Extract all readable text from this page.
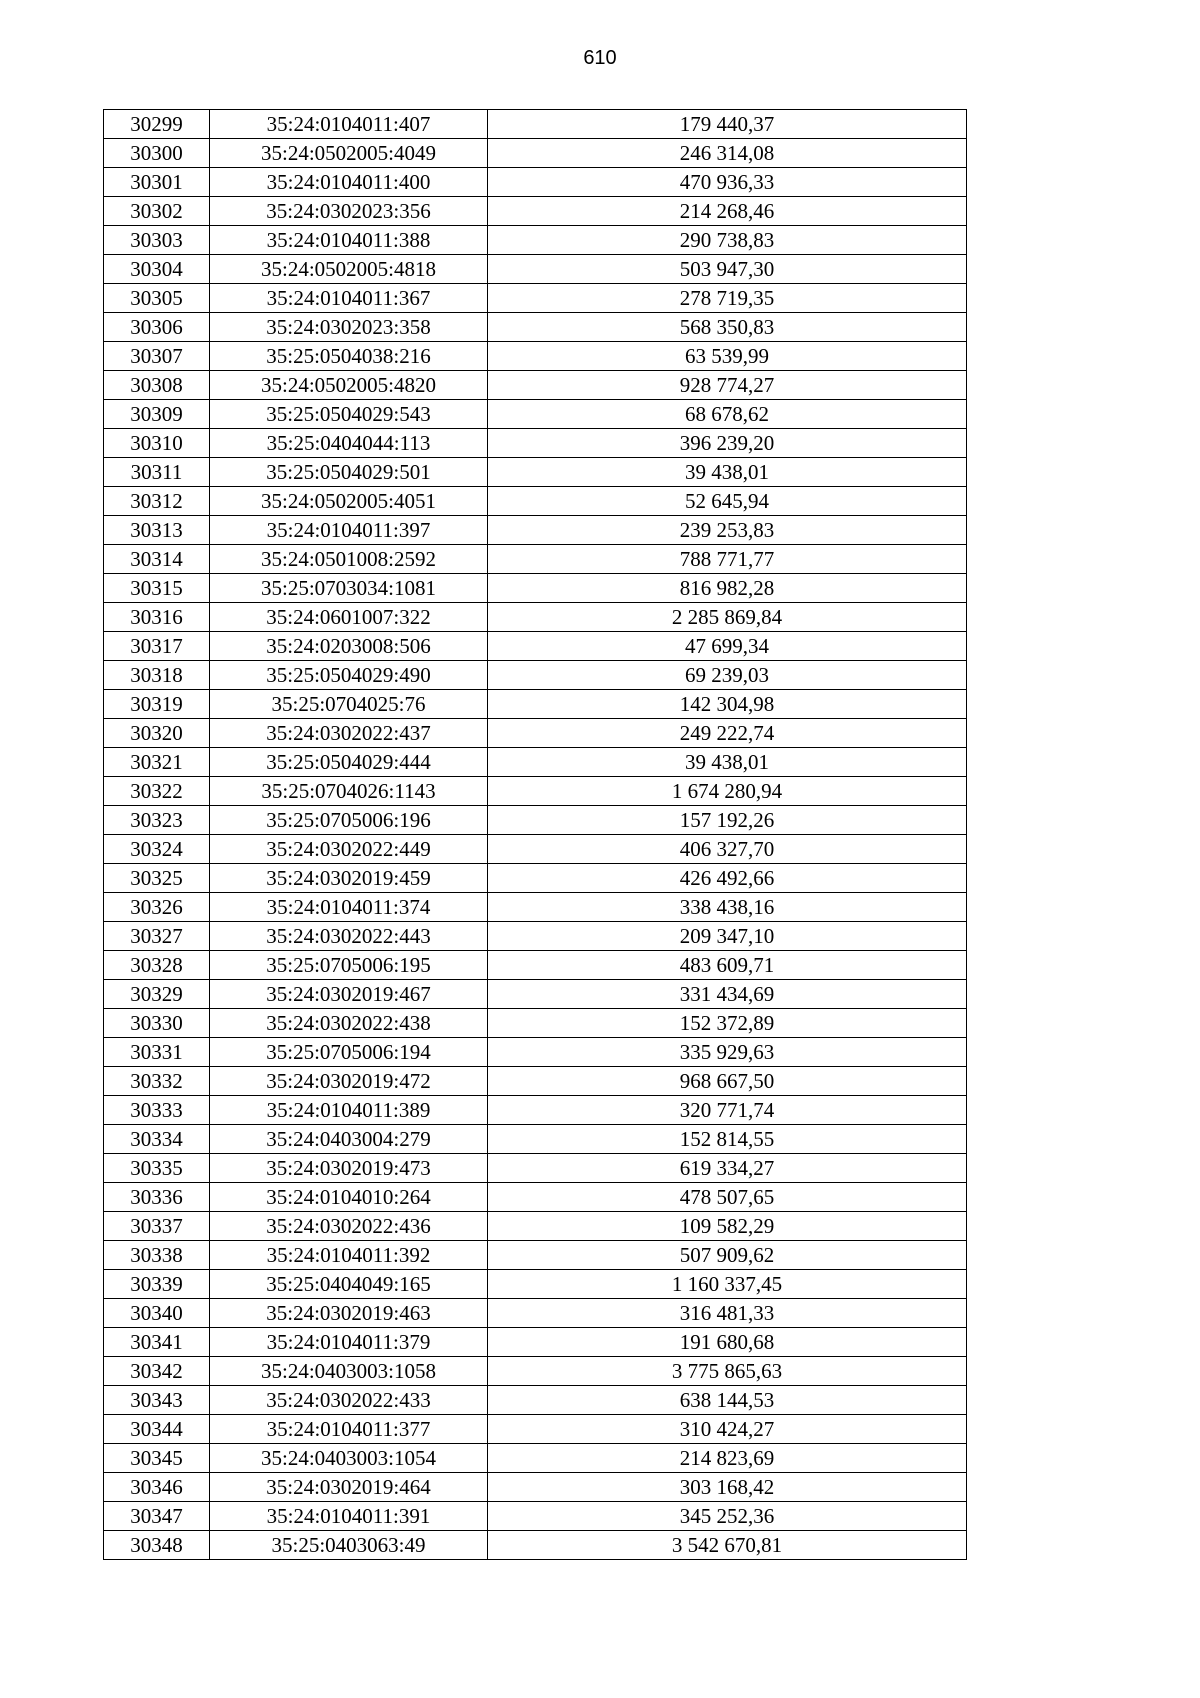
610
30299	35:24:0104011:407	179 440,37
30300	35:24:0502005:4049	246 314,08
30301	35:24:0104011:400	470 936,33
30302	35:24:0302023:356	214 268,46
30303	35:24:0104011:388	290 738,83
30304	35:24:0502005:4818	503 947,30
30305	35:24:0104011:367	278 719,35
30306	35:24:0302023:358	568 350,83
30307	35:25:0504038:216	63 539,99
30308	35:24:0502005:4820	928 774,27
30309	35:25:0504029:543	68 678,62
30310	35:25:0404044:113	396 239,20
30311	35:25:0504029:501	39 438,01
30312	35:24:0502005:4051	52 645,94
30313	35:24:0104011:397	239 253,83
30314	35:24:0501008:2592	788 771,77
30315	35:25:0703034:1081	816 982,28
30316	35:24:0601007:322	2 285 869,84
30317	35:24:0203008:506	47 699,34
30318	35:25:0504029:490	69 239,03
30319	35:25:0704025:76	142 304,98
30320	35:24:0302022:437	249 222,74
30321	35:25:0504029:444	39 438,01
30322	35:25:0704026:1143	1 674 280,94
30323	35:25:0705006:196	157 192,26
30324	35:24:0302022:449	406 327,70
30325	35:24:0302019:459	426 492,66
30326	35:24:0104011:374	338 438,16
30327	35:24:0302022:443	209 347,10
30328	35:25:0705006:195	483 609,71
30329	35:24:0302019:467	331 434,69
30330	35:24:0302022:438	152 372,89
30331	35:25:0705006:194	335 929,63
30332	35:24:0302019:472	968 667,50
30333	35:24:0104011:389	320 771,74
30334	35:24:0403004:279	152 814,55
30335	35:24:0302019:473	619 334,27
30336	35:24:0104010:264	478 507,65
30337	35:24:0302022:436	109 582,29
30338	35:24:0104011:392	507 909,62
30339	35:25:0404049:165	1 160 337,45
30340	35:24:0302019:463	316 481,33
30341	35:24:0104011:379	191 680,68
30342	35:24:0403003:1058	3 775 865,63
30343	35:24:0302022:433	638 144,53
30344	35:24:0104011:377	310 424,27
30345	35:24:0403003:1054	214 823,69
30346	35:24:0302019:464	303 168,42
30347	35:24:0104011:391	345 252,36
30348	35:25:0403063:49	3 542 670,81
